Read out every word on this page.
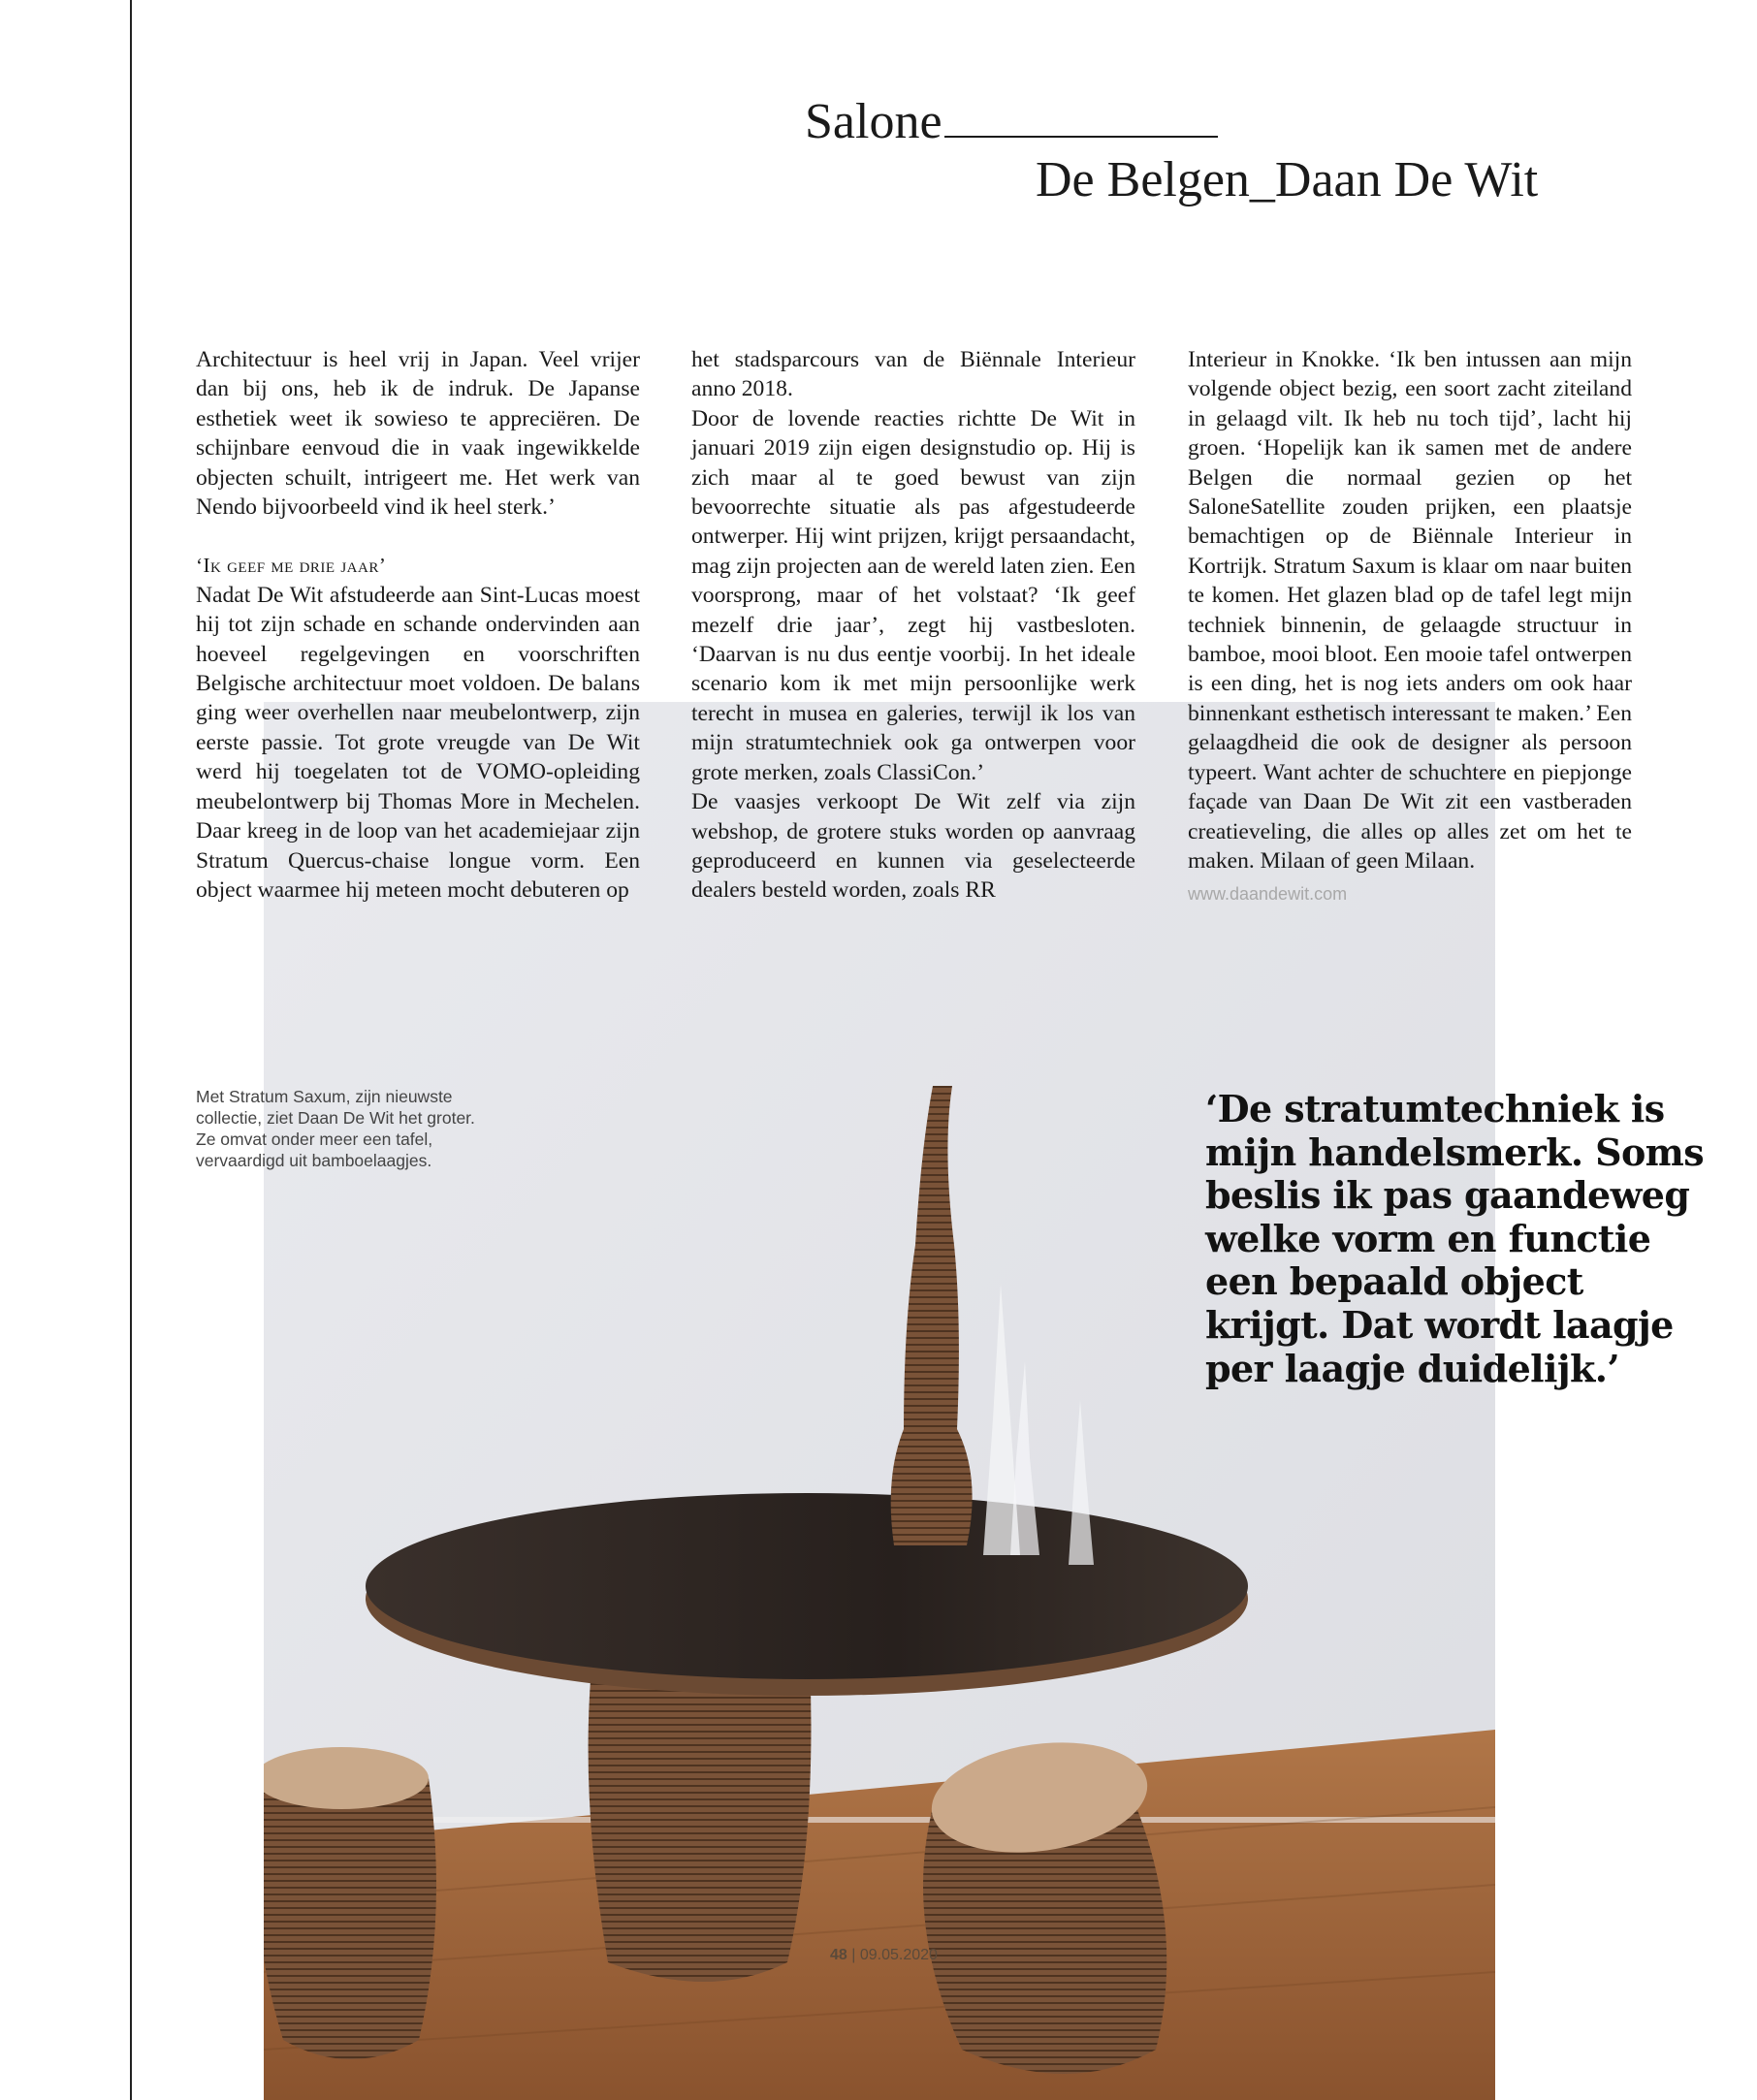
Salone
De Belgen_Daan De Wit

Architectuur is heel vrij in Japan. Veel vrijer dan bij ons, heb ik de indruk. De Japanse esthetiek weet ik sowieso te appreciëren. De schijnbare eenvoud die in vaak ingewikkelde objecten schuilt, intrigeert me. Het werk van Nendo bijvoorbeeld vind ik heel sterk.’

‘Ik geef me drie jaar’

Nadat De Wit afstudeerde aan Sint-Lucas moest hij tot zijn schade en schande ondervinden aan hoeveel regelgevingen en voorschriften Belgische architectuur moet voldoen. De balans ging weer overhellen naar meubelontwerp, zijn eerste passie. Tot grote vreugde van De Wit werd hij toegelaten tot de VOMO-opleiding meubelontwerp bij Thomas More in Mechelen. Daar kreeg in de loop van het academiejaar zijn Stratum Quercus-chaise longue vorm. Een object waarmee hij meteen mocht debuteren op

het stadsparcours van de Biënnale Interieur anno 2018.

Door de lovende reacties richtte De Wit in januari 2019 zijn eigen designstudio op. Hij is zich maar al te goed bewust van zijn bevoorrechte situatie als pas afgestudeerde ontwerper. Hij wint prijzen, krijgt persaandacht, mag zijn projecten aan de wereld laten zien. Een voorsprong, maar of het volstaat? ‘Ik geef mezelf drie jaar’, zegt hij vastbesloten. ‘Daarvan is nu dus eentje voorbij. In het ideale scenario kom ik met mijn persoonlijke werk terecht in musea en galeries, terwijl ik los van mijn stratumtechniek ook ga ontwerpen voor grote merken, zoals ClassiCon.’

De vaasjes verkoopt De Wit zelf via zijn webshop, de grotere stuks worden op aanvraag geproduceerd en kunnen via geselecteerde dealers besteld worden, zoals RR

Interieur in Knokke. ‘Ik ben intussen aan mijn volgende object bezig, een soort zacht ziteiland in gelaagd vilt. Ik heb nu toch tijd’, lacht hij groen. ‘Hopelijk kan ik samen met de andere Belgen die normaal gezien op het SaloneSatellite zouden prijken, een plaatsje bemachtigen op de Biënnale Interieur in Kortrijk. Stratum Saxum is klaar om naar buiten te komen. Het glazen blad op de tafel legt mijn techniek binnenin, de gelaagde structuur in bamboe, mooi bloot. Een mooie tafel ontwerpen is een ding, het is nog iets anders om ook haar binnenkant esthetisch interessant te maken.’ Een gelaagdheid die ook de designer als persoon typeert. Want achter de schuchtere en piepjonge façade van Daan De Wit zit een vastberaden creatieveling, die alles op alles zet om het te maken. Milaan of geen Milaan.

www.daandewit.com

Met Stratum Saxum, zijn nieuwste collectie, ziet Daan De Wit het groter. Ze omvat onder meer een tafel, vervaardigd uit bamboelaagjes.
‘De stratumtechniek is mijn handelsmerk. Soms beslis ik pas gaandeweg welke vorm en functie een bepaald object krijgt. Dat wordt laagje per laagje duidelijk.’
48 | 09.05.2020
